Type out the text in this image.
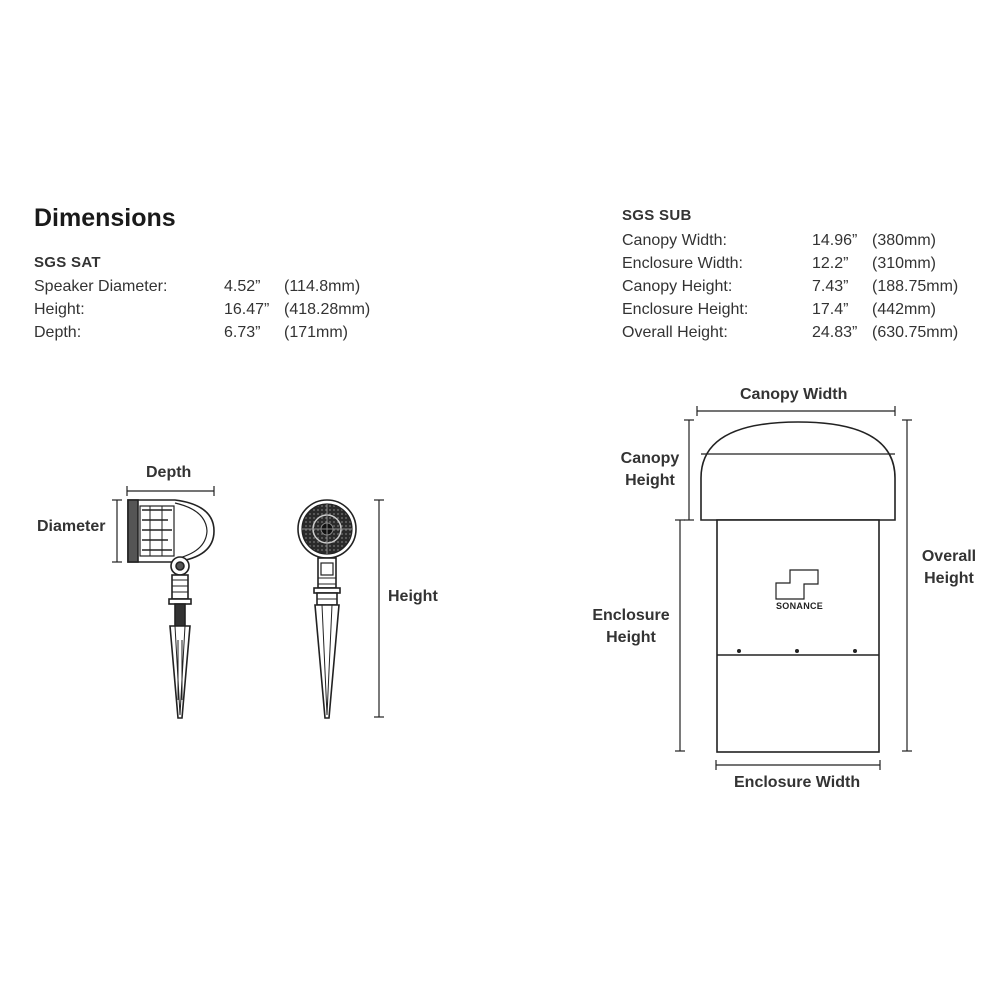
Dimensions
SGS SAT
Speaker Diameter:	4.52”	(114.8mm)
Height:	16.47” (418.28mm)
Depth:	6.73”	(171mm)
SGS SUB
Canopy Width:	14.96” (380mm)
Enclosure Width:	12.2”	(310mm)
Canopy Height:	7.43”	(188.75mm)
Enclosure Height:	17.4”	(442mm)
Overall Height:	24.83” (630.75mm)
Depth
Diameter
Height
Canopy Width
Canopy
Height
Enclosure
Height
Overall
Height
Enclosure Width
SONANCE
